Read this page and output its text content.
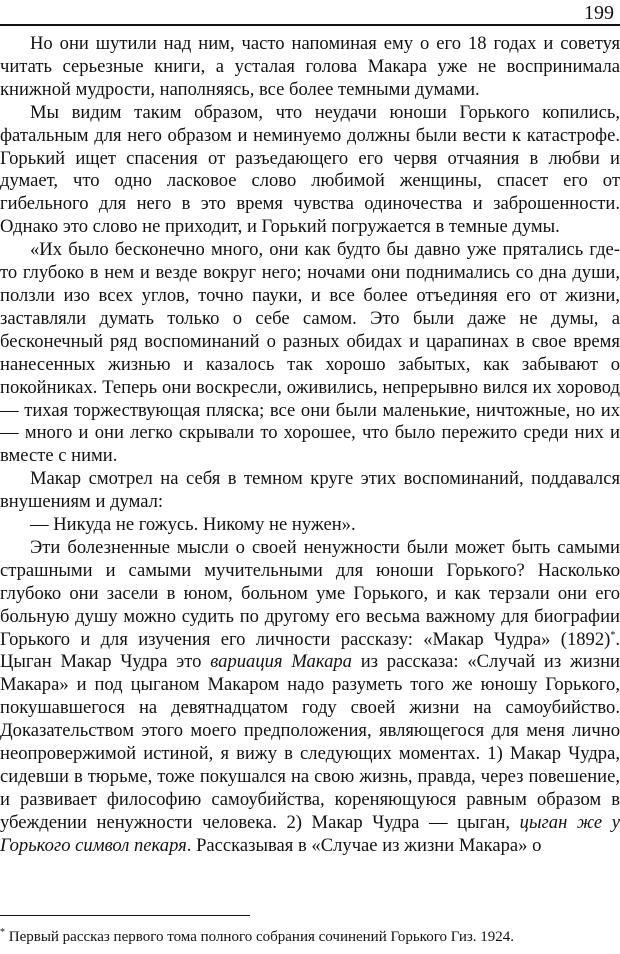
199

Но они шутили над ним, часто напоминая ему о его 18 годах и советуя читать серьезные книги, а усталая голова Макара уже не воспринимала книжной мудрости, наполняясь, все более темными думами.

Мы видим таким образом, что неудачи юноши Горького копились, фатальным для него образом и неминуемо должны были вести к катастрофе. Горький ищет спасения от разъедающего его червя отчаяния в любви и думает, что одно ласковое слово любимой женщины, спасет его от гибельного для него в это время чувства одиночества и заброшенности. Однако это слово не приходит, и Горький погружается в темные думы.

«Их было бесконечно много, они как будто бы давно уже прятались где-то глубоко в нем и везде вокруг него; ночами они поднимались со дна души, ползли изо всех углов, точно пауки, и все более отъединяя его от жизни, заставляли думать только о себе самом. Это были даже не думы, а бесконечный ряд воспоминаний о разных обидах и царапинах в свое время нанесенных жизнью и казалось так хорошо забытых, как забывают о покойниках. Теперь они воскресли, оживились, непрерывно вился их хоровод — тихая торжествующая пляска; все они были маленькие, ничтожные, но их — много и они легко скрывали то хорошее, что было пережито среди них и вместе с ними.

Макар смотрел на себя в темном круге этих воспоминаний, поддавался внушениям и думал:

— Никуда не гожусь. Никому не нужен».

Эти болезненные мысли о своей ненужности были может быть самыми страшными и самыми мучительными для юноши Горького? Насколько глубоко они засели в юном, больном уме Горького, и как терзали они его больную душу можно судить по другому его весьма важному для биографии Горького и для изучения его личности рассказу: «Макар Чудра» (1892)*. Цыган Макар Чудра это вариация Макара из рассказа: «Случай из жизни Макара» и под цыганом Макаром надо разуметь того же юношу Горького, покушавшегося на девятнадцатом году своей жизни на самоубийство. Доказательством этого моего предположения, являющегося для меня лично неопровержимой истиной, я вижу в следующих моментах. 1) Макар Чудра, сидевши в тюрьме, тоже покушался на свою жизнь, правда, через повешение, и развивает философию самоубийства, кореняющуюся равным образом в убеждении ненужности человека. 2) Макар Чудра — цыган, цыган же у Горького символ пекаря. Рассказывая в «Случае из жизни Макара» о

* Первый рассказ первого тома полного собрания сочинений Горького Гиз. 1924.
